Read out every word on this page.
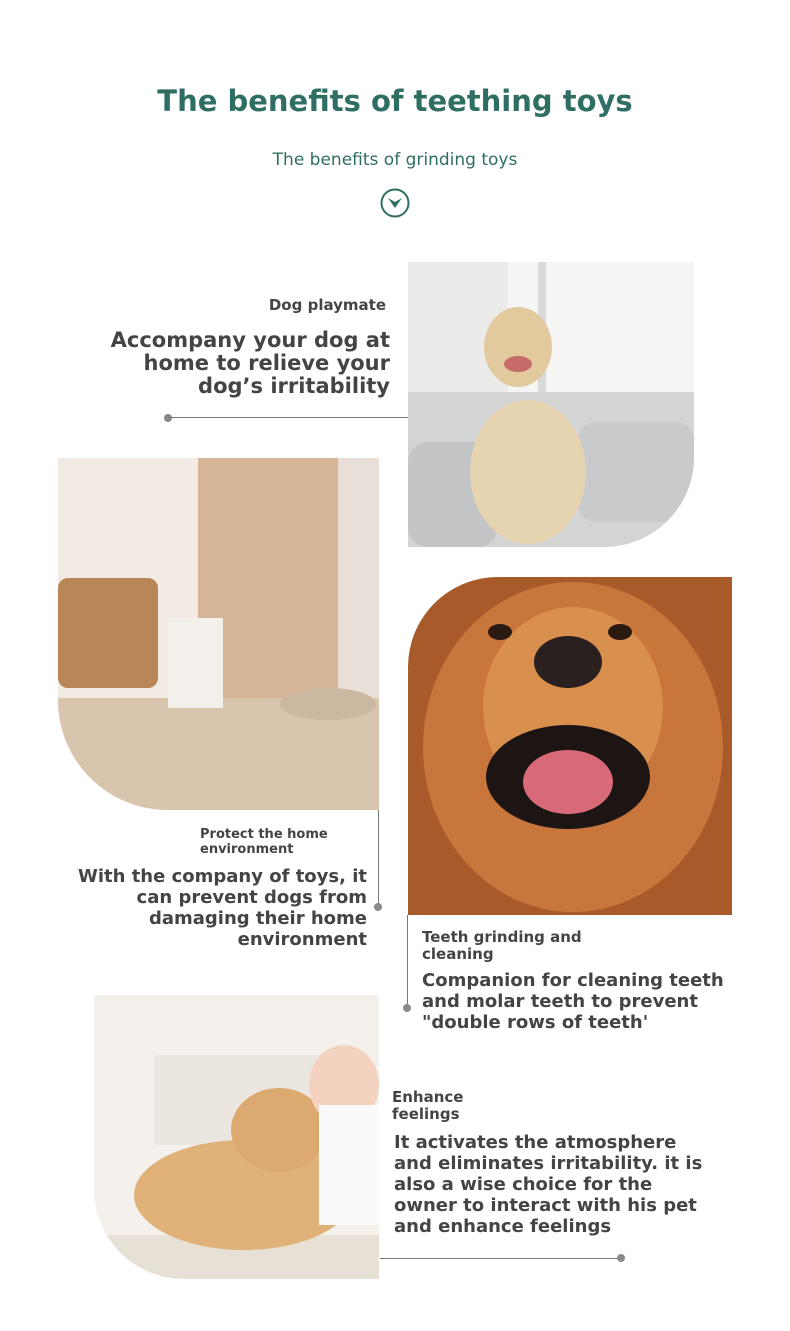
The benefits of teething toys
The benefits of grinding toys
Dog playmate
Accompany your dog at home to relieve your dog’s irritability
Protect the home environment
With the company of toys, it can prevent dogs from damaging their home environment	Teeth grinding and cleaning
Companion for cleaning teeth and molar teeth to prevent "double rows of teeth'
Enhance feelings
It activates the atmosphere and eliminates irritability. it is also a wise choice for the owner to interact with his pet and enhance feelings
